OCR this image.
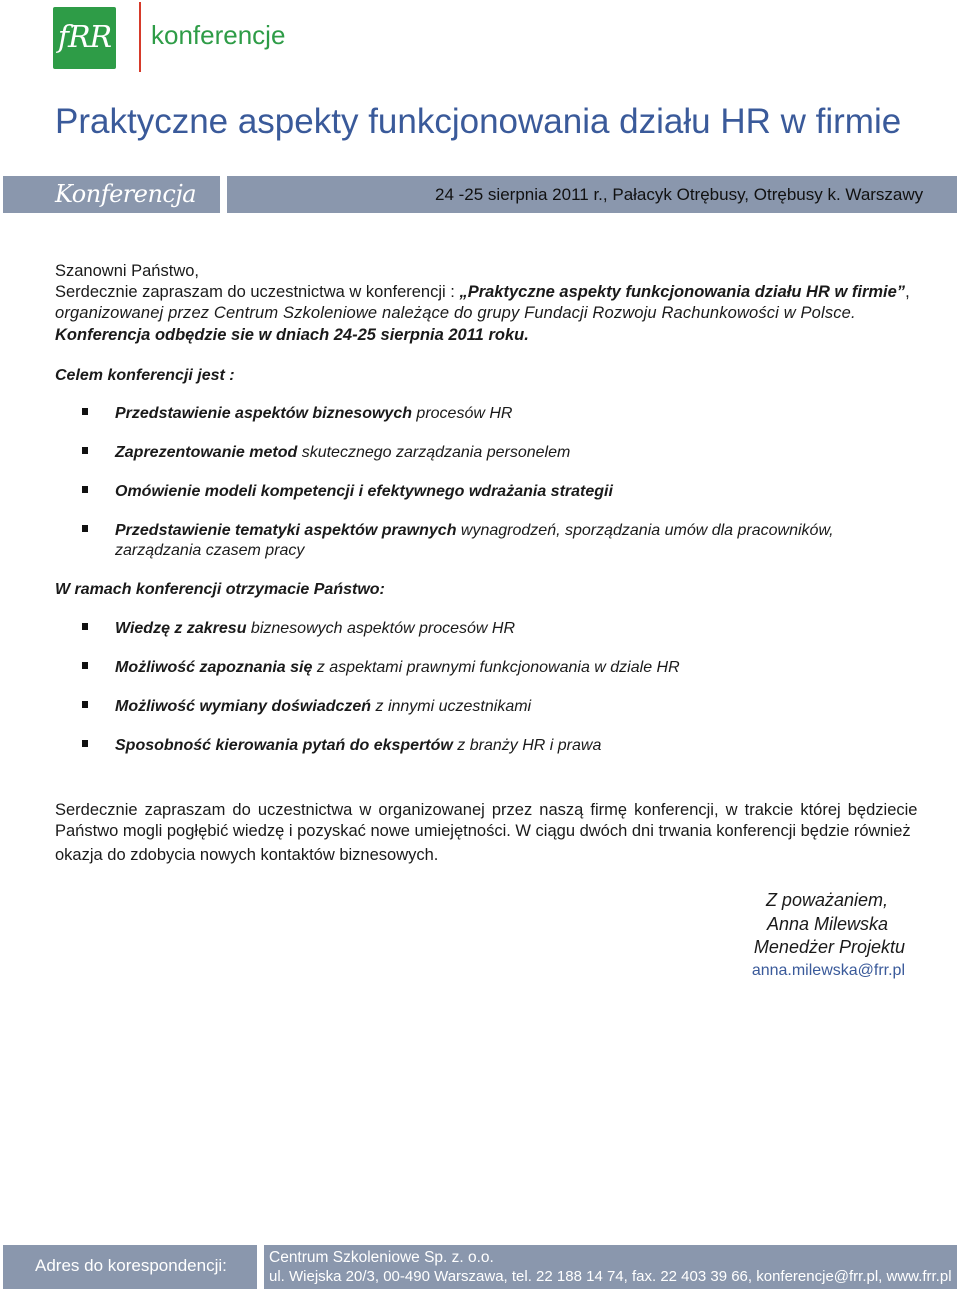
fRR konferencje
Praktyczne aspekty funkcjonowania działu HR w firmie
Konferencja	24 -25 sierpnia 2011 r., Pałacyk Otrębusy, Otrębusy k. Warszawy
Szanowni Państwo,
Serdecznie zapraszam do uczestnictwa w konferencji : „Praktyczne aspekty funkcjonowania działu HR w firmie”,
organizowanej przez Centrum Szkoleniowe należące do grupy Fundacji Rozwoju Rachunkowości w Polsce.
Konferencja odbędzie sie w dniach 24-25 sierpnia 2011 roku.
Celem konferencji jest :
Przedstawienie aspektów biznesowych procesów HR
Zaprezentowanie metod skutecznego zarządzania personelem
Omówienie modeli kompetencji i efektywnego wdrażania strategii
Przedstawienie tematyki aspektów prawnych wynagrodzeń, sporządzania umów dla pracowników,
zarządzania czasem pracy
W ramach konferencji otrzymacie Państwo:
Wiedzę z zakresu biznesowych aspektów procesów HR
Możliwość zapoznania się z aspektami prawnymi funkcjonowania w dziale HR
Możliwość wymiany doświadczeń z innymi uczestnikami
Sposobność kierowania pytań do ekspertów z branży HR i prawa
Serdecznie zapraszam do uczestnictwa w organizowanej przez naszą firmę konferencji, w trakcie której będziecie
Państwo mogli pogłębić wiedzę i pozyskać nowe umiejętności. W ciągu dwóch dni trwania konferencji będzie również
okazja do zdobycia nowych kontaktów biznesowych.
Z poważaniem,
Anna Milewska
Menedżer Projektu
anna.milewska@frr.pl
Adres do korespondencji:	Centrum Szkoleniowe Sp. z. o.o.
ul. Wiejska 20/3, 00-490 Warszawa, tel. 22 188 14 74, fax. 22 403 39 66, konferencje@frr.pl, www.frr.pl
